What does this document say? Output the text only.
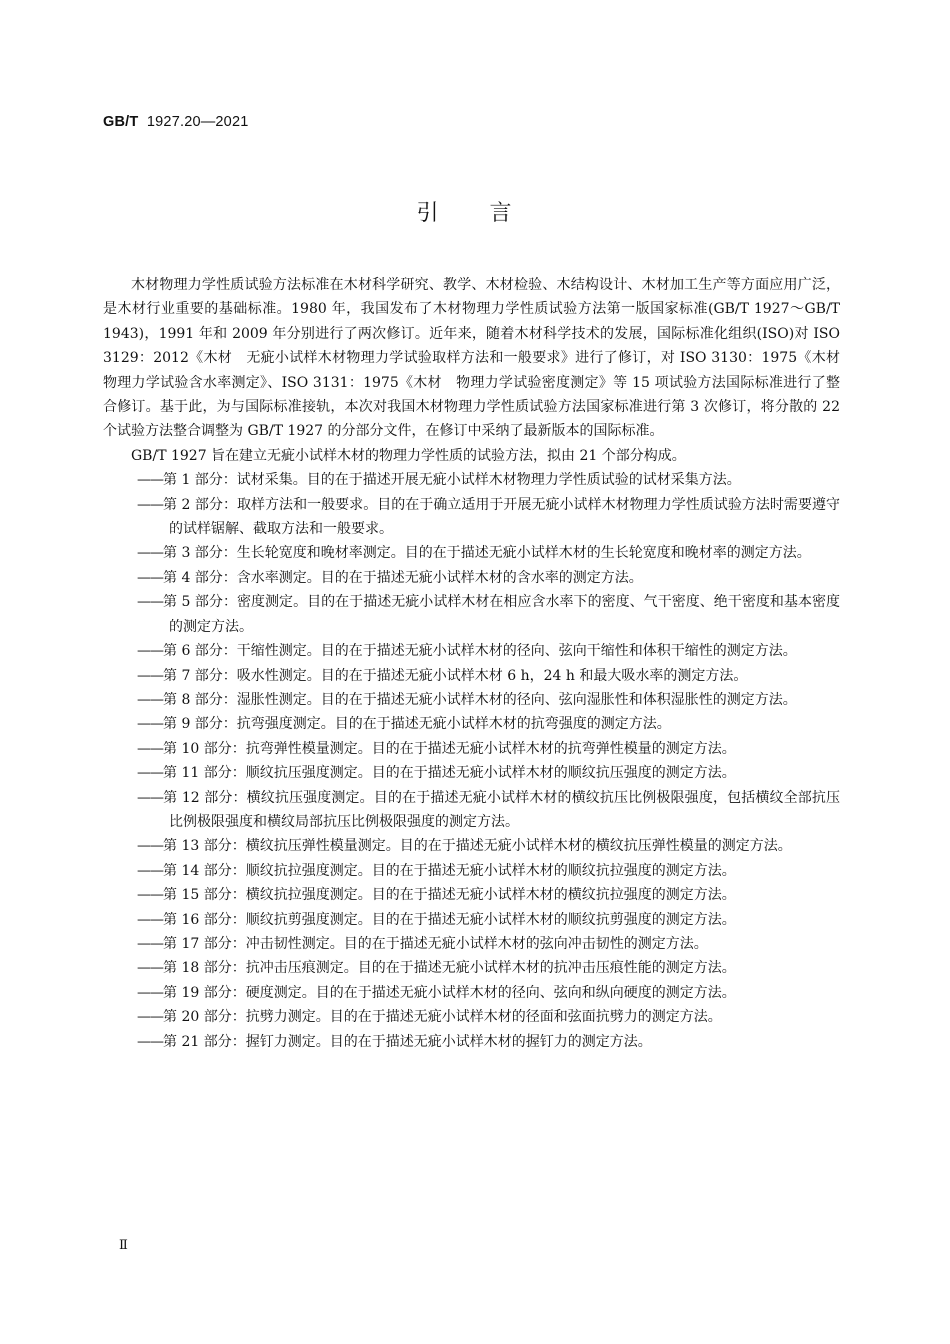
GB/T 1927.20—2021
引 言

木材物理力学性质试验方法标准在木材科学研究、教学、木材检验、木结构设计、木材加工生产等方面应用广泛，是木材行业重要的基础标准。1980 年，我国发布了木材物理力学性质试验方法第一版国家标准(GB/T 1927～GB/T 1943)，1991 年和 2009 年分别进行了两次修订。近年来，随着木材科学技术的发展，国际标准化组织(ISO)对 ISO 3129：2012《木材　无疵小试样木材物理力学试验取样方法和一般要求》进行了修订，对 ISO 3130：1975《木材　物理力学试验含水率测定》、ISO 3131：1975《木材　物理力学试验密度测定》等 15 项试验方法国际标准进行了整合修订。基于此，为与国际标准接轨，本次对我国木材物理力学性质试验方法国家标准进行第 3 次修订，将分散的 22 个试验方法整合调整为 GB/T 1927 的分部分文件，在修订中采纳了最新版本的国际标准。

GB/T 1927 旨在建立无疵小试样木材的物理力学性质的试验方法，拟由 21 个部分构成。

——第 1 部分：试材采集。目的在于描述开展无疵小试样木材物理力学性质试验的试材采集方法。
——第 2 部分：取样方法和一般要求。目的在于确立适用于开展无疵小试样木材物理力学性质试验方法时需要遵守的试样锯解、截取方法和一般要求。
——第 3 部分：生长轮宽度和晚材率测定。目的在于描述无疵小试样木材的生长轮宽度和晚材率的测定方法。
——第 4 部分：含水率测定。目的在于描述无疵小试样木材的含水率的测定方法。
——第 5 部分：密度测定。目的在于描述无疵小试样木材在相应含水率下的密度、气干密度、绝干密度和基本密度的测定方法。
——第 6 部分：干缩性测定。目的在于描述无疵小试样木材的径向、弦向干缩性和体积干缩性的测定方法。
——第 7 部分：吸水性测定。目的在于描述无疵小试样木材 6 h，24 h 和最大吸水率的测定方法。
——第 8 部分：湿胀性测定。目的在于描述无疵小试样木材的径向、弦向湿胀性和体积湿胀性的测定方法。
——第 9 部分：抗弯强度测定。目的在于描述无疵小试样木材的抗弯强度的测定方法。
——第 10 部分：抗弯弹性模量测定。目的在于描述无疵小试样木材的抗弯弹性模量的测定方法。
——第 11 部分：顺纹抗压强度测定。目的在于描述无疵小试样木材的顺纹抗压强度的测定方法。
——第 12 部分：横纹抗压强度测定。目的在于描述无疵小试样木材的横纹抗压比例极限强度，包括横纹全部抗压比例极限强度和横纹局部抗压比例极限强度的测定方法。
——第 13 部分：横纹抗压弹性模量测定。目的在于描述无疵小试样木材的横纹抗压弹性模量的测定方法。
——第 14 部分：顺纹抗拉强度测定。目的在于描述无疵小试样木材的顺纹抗拉强度的测定方法。
——第 15 部分：横纹抗拉强度测定。目的在于描述无疵小试样木材的横纹抗拉强度的测定方法。
——第 16 部分：顺纹抗剪强度测定。目的在于描述无疵小试样木材的顺纹抗剪强度的测定方法。
——第 17 部分：冲击韧性测定。目的在于描述无疵小试样木材的弦向冲击韧性的测定方法。
——第 18 部分：抗冲击压痕测定。目的在于描述无疵小试样木材的抗冲击压痕性能的测定方法。
——第 19 部分：硬度测定。目的在于描述无疵小试样木材的径向、弦向和纵向硬度的测定方法。
——第 20 部分：抗劈力测定。目的在于描述无疵小试样木材的径面和弦面抗劈力的测定方法。
——第 21 部分：握钉力测定。目的在于描述无疵小试样木材的握钉力的测定方法。
Ⅱ
